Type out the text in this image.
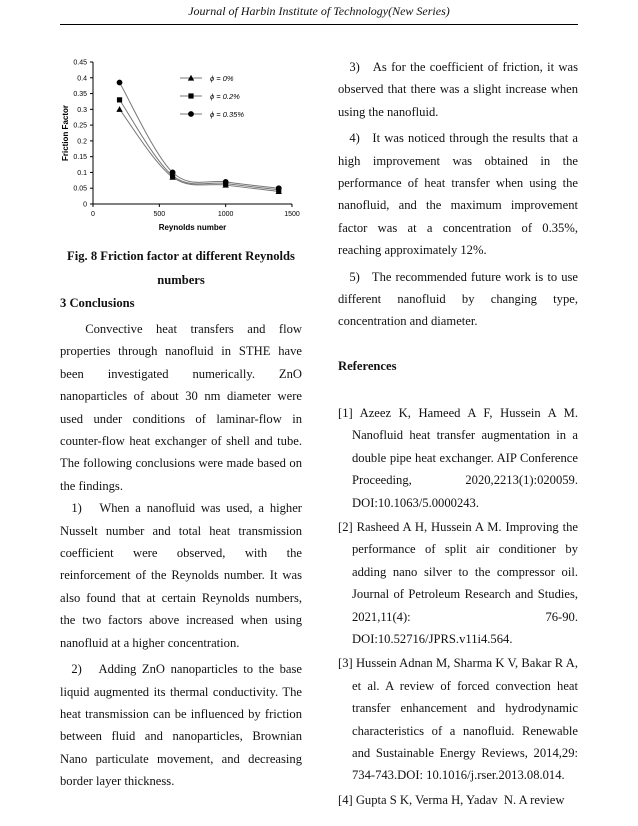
Journal of Harbin Institute of Technology(New Series)
0
0.05
0.1
0.15
0.2
0.25
0.3
0.35
0.4
0.45
0	500	1000	1500
Reynolds number
Friction Factor
ϕ = 0%
ϕ = 0.2%
ϕ = 0.35%

Fig. 8 Friction factor at different Reynolds
numbers

3 Conclusions

Convective heat transfers and flow properties through nanofluid in STHE have been investigated numerically. ZnO nanoparticles of about 30 nm diameter were used under conditions of laminar-flow in counter-flow heat exchanger of shell and tube. The following conclusions were made based on the findings.

1)   When a nanofluid was used, a higher Nusselt number and total heat transmission coefficient were observed, with the reinforcement of the Reynolds number. It was also found that at certain Reynolds numbers, the two factors above increased when using nanofluid at a higher concentration.

2)   Adding ZnO nanoparticles to the base liquid augmented its thermal conductivity. The heat transmission can be influenced by friction between fluid and nanoparticles, Brownian Nano particulate movement, and decreasing border layer thickness.

3)   As for the coefficient of friction, it was observed that there was a slight increase when using the nanofluid.

4)   It was noticed through the results that a high improvement was obtained in the performance of heat transfer when using the nanofluid, and the maximum improvement factor was at a concentration of 0.35%, reaching approximately 12%.

5)   The recommended future work is to use different nanofluid by changing type, concentration and diameter.

References

[1] Azeez K, Hameed A F, Hussein A M. Nanofluid heat transfer augmentation in a double pipe heat exchanger. AIP Conference Proceeding, 2020,2213(1):020059. DOI:10.1063/5.0000243.

[2] Rasheed A H, Hussein A M. Improving the performance of split air conditioner by adding nano silver to the compressor oil. Journal of Petroleum Research and Studies, 2021,11(4): 76-90. DOI:10.52716/JPRS.v11i4.564.

[3] Hussein Adnan M, Sharma K V, Bakar R A, et al. A review of forced convection heat transfer enhancement and hydrodynamic characteristics of a nanofluid. Renewable and Sustainable Energy Reviews, 2014,29: 734-743.DOI: 10.1016/j.rser.2013.08.014.

[4] Gupta S K, Verma H, Yadav  N. A review
